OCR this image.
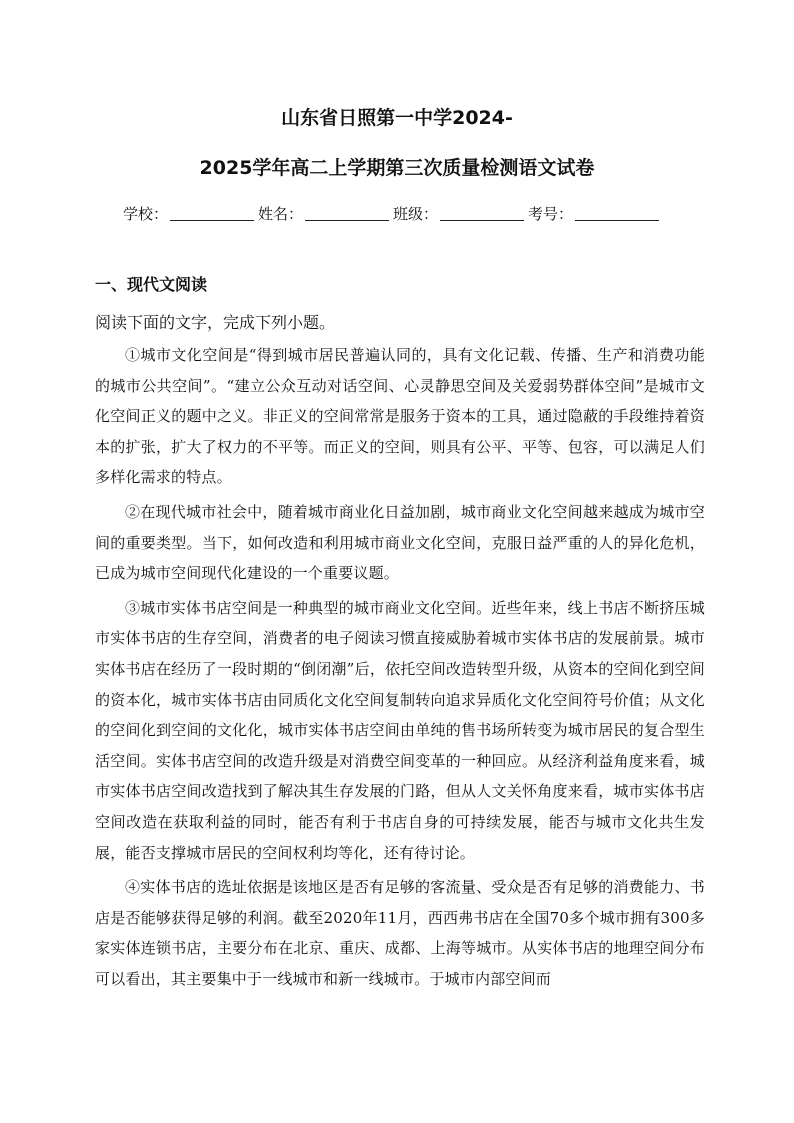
山东省日照第一中学2024-

2025学年高二上学期第三次质量检测语文试卷

学校：	姓名：	班级：	考号：
一、现代文阅读
阅读下面的文字，完成下列小题。

①城市文化空间是“得到城市居民普遍认同的，具有文化记载、传播、生产和消费功能的城市公共空间”。“建立公众互动对话空间、心灵静思空间及关爱弱势群体空间”是城市文化空间正义的题中之义。非正义的空间常常是服务于资本的工具，通过隐蔽的手段维持着资本的扩张，扩大了权力的不平等。而正义的空间，则具有公平、平等、包容，可以满足人们多样化需求的特点。

②在现代城市社会中，随着城市商业化日益加剧，城市商业文化空间越来越成为城市空间的重要类型。当下，如何改造和利用城市商业文化空间，克服日益严重的人的异化危机，已成为城市空间现代化建设的一个重要议题。

③城市实体书店空间是一种典型的城市商业文化空间。近些年来，线上书店不断挤压城市实体书店的生存空间，消费者的电子阅读习惯直接威胁着城市实体书店的发展前景。城市实体书店在经历了一段时期的“倒闭潮”后，依托空间改造转型升级，从资本的空间化到空间的资本化，城市实体书店由同质化文化空间复制转向追求异质化文化空间符号价值；从文化的空间化到空间的文化化，城市实体书店空间由单纯的售书场所转变为城市居民的复合型生活空间。实体书店空间的改造升级是对消费空间变革的一种回应。从经济利益角度来看，城市实体书店空间改造找到了解决其生存发展的门路，但从人文关怀角度来看，城市实体书店空间改造在获取利益的同时，能否有利于书店自身的可持续发展，能否与城市文化共生发展，能否支撑城市居民的空间权利均等化，还有待讨论。

④实体书店的选址依据是该地区是否有足够的客流量、受众是否有足够的消费能力、书店是否能够获得足够的利润。截至2020年11月，西西弗书店在全国70多个城市拥有300多家实体连锁书店，主要分布在北京、重庆、成都、上海等城市。从实体书店的地理空间分布可以看出，其主要集中于一线城市和新一线城市。于城市内部空间而
